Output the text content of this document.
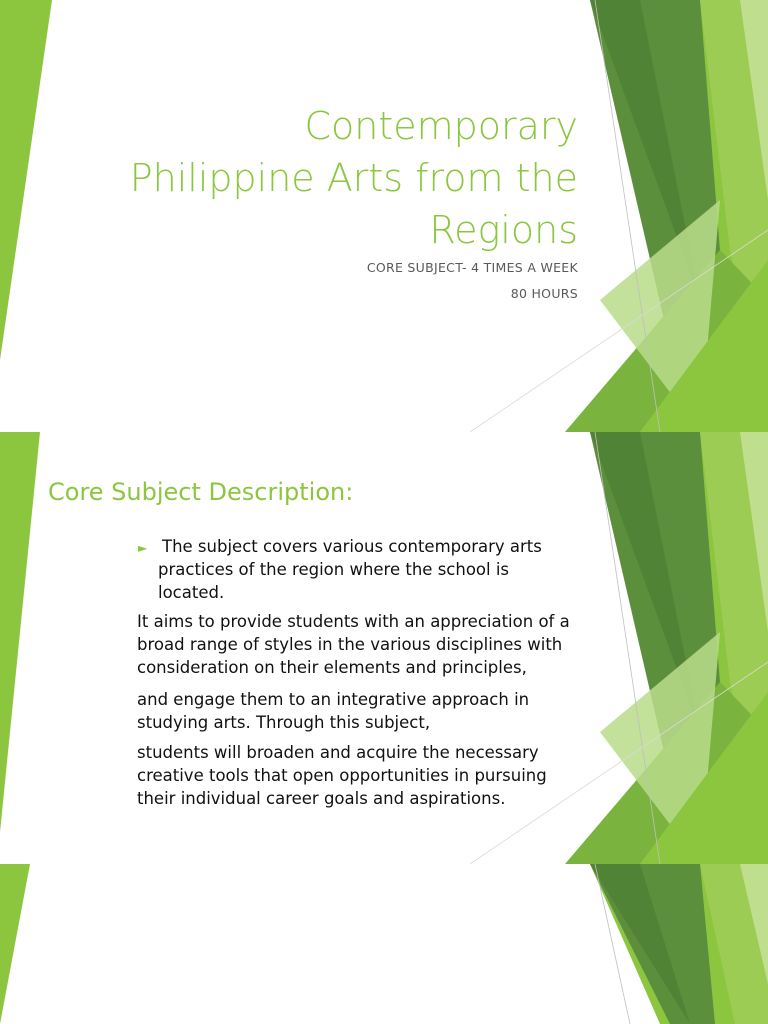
Contemporary
Philippine Arts from the
Regions
CORE SUBJECT- 4 TIMES A WEEK
80 HOURS
Core Subject Description:
► The subject covers various contemporary arts practices of the region where the school is located.
It aims to provide students with an appreciation of a broad range of styles in the various disciplines with consideration on their elements and principles,
and engage them to an integrative approach in studying arts. Through this subject,
students will broaden and acquire the necessary creative tools that open opportunities in pursuing their individual career goals and aspirations.
